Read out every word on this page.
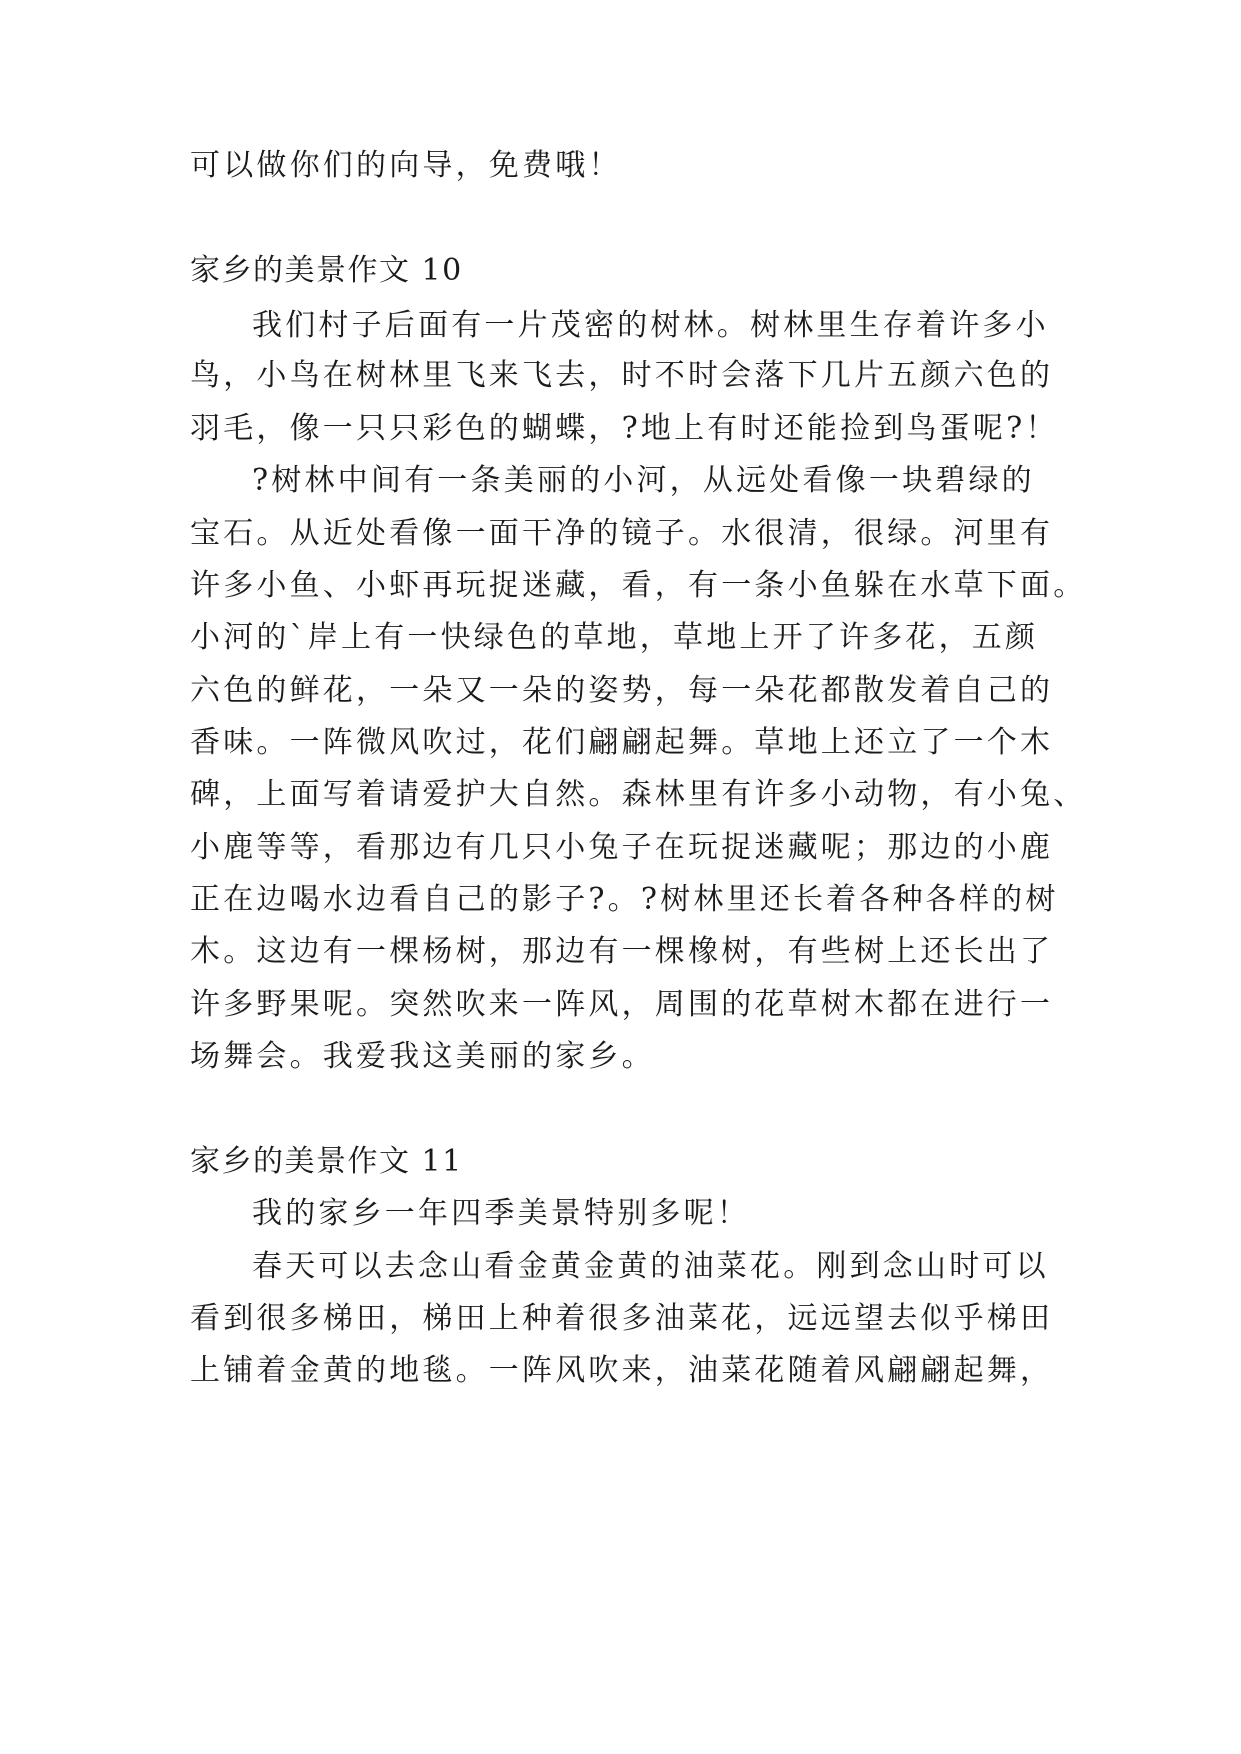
可以做你们的向导，免费哦！
家乡的美景作文 10
我们村子后面有一片茂密的树林。树林里生存着许多小
鸟，小鸟在树林里飞来飞去，时不时会落下几片五颜六色的
羽毛，像一只只彩色的蝴蝶，?地上有时还能捡到鸟蛋呢?！
?树林中间有一条美丽的小河，从远处看像一块碧绿的
宝石。从近处看像一面干净的镜子。水很清，很绿。河里有
许多小鱼、小虾再玩捉迷藏，看，有一条小鱼躲在水草下面。
小河的`岸上有一快绿色的草地，草地上开了许多花，五颜
六色的鲜花，一朵又一朵的姿势，每一朵花都散发着自己的
香味。一阵微风吹过，花们翩翩起舞。草地上还立了一个木
碑，上面写着请爱护大自然。森林里有许多小动物，有小兔、
小鹿等等，看那边有几只小兔子在玩捉迷藏呢；那边的小鹿
正在边喝水边看自己的影子?。?树林里还长着各种各样的树
木。这边有一棵杨树，那边有一棵橡树，有些树上还长出了
许多野果呢。突然吹来一阵风，周围的花草树木都在进行一
场舞会。我爱我这美丽的家乡。
家乡的美景作文 11
我的家乡一年四季美景特别多呢！
春天可以去念山看金黄金黄的油菜花。刚到念山时可以
看到很多梯田，梯田上种着很多油菜花，远远望去似乎梯田
上铺着金黄的地毯。一阵风吹来，油菜花随着风翩翩起舞，
